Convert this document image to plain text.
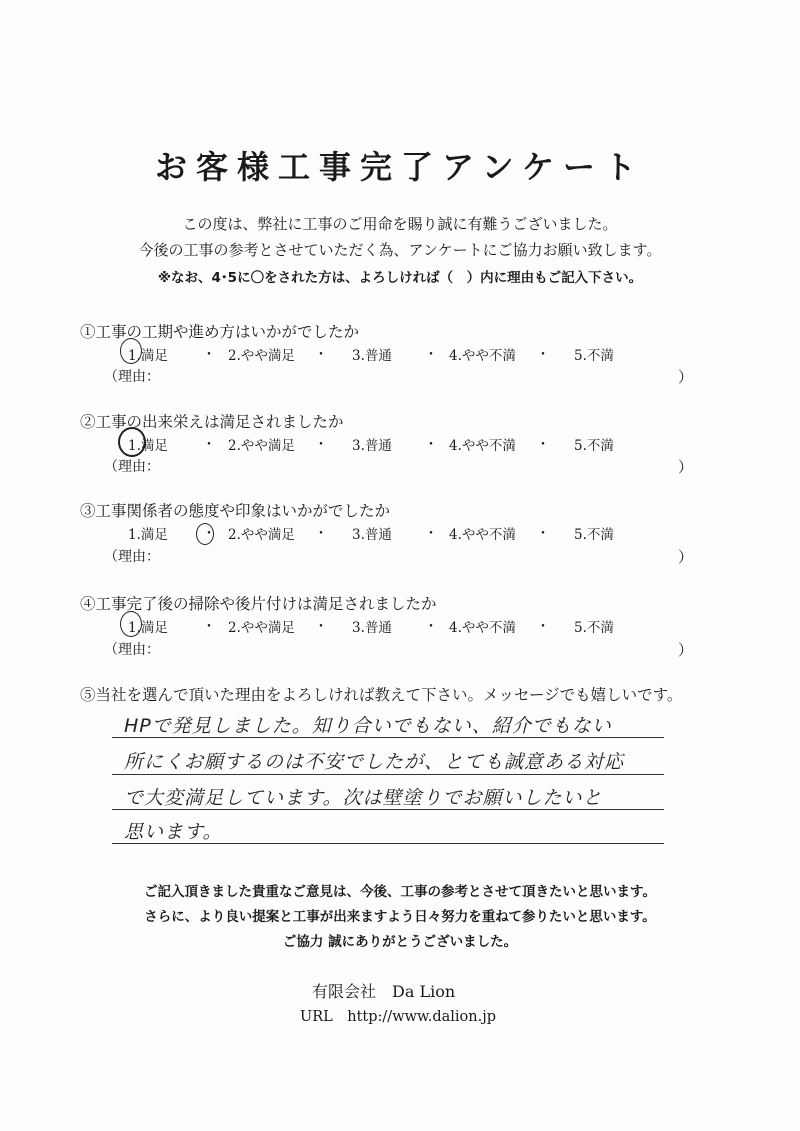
お客様工事完了アンケート
この度は、弊社に工事のご用命を賜り誠に有難うございました。
今後の工事の参考とさせていただく為、アンケートにご協力お願い致します。
※なお、4･5に〇をされた方は、よろしければ（　）内に理由もご記入下さい。
①工事の工期や進め方はいかがでしたか
1.満足 ・ 2.やや満足 ・ 3.普通 ・ 4.やや不満 ・ 5.不満
（理由：	）
②工事の出来栄えは満足されましたか
1.満足 ・ 2.やや満足 ・ 3.普通 ・ 4.やや不満 ・ 5.不満
（理由：	）
③工事関係者の態度や印象はいかがでしたか
1.満足 ・ 2.やや満足 ・ 3.普通 ・ 4.やや不満 ・ 5.不満
（理由：	）
④工事完了後の掃除や後片付けは満足されましたか
1.満足 ・ 2.やや満足 ・ 3.普通 ・ 4.やや不満 ・ 5.不満
（理由：	）
⑤当社を選んで頂いた理由をよろしければ教えて下さい。メッセージでも嬉しいです。
HPで発見しました。知り合いでもない、紹介でもない
所にくお願するのは不安でしたが、とても誠意ある対応
で大変満足しています。次は壁塗りでお願いしたいと
思います。
ご記入頂きました貴重なご意見は、今後、工事の参考とさせて頂きたいと思います。
さらに、より良い提案と工事が出来ますよう日々努力を重ねて参りたいと思います。
ご協力 誠にありがとうございました。
有限会社　Da Lion
URL　http://www.dalion.jp
